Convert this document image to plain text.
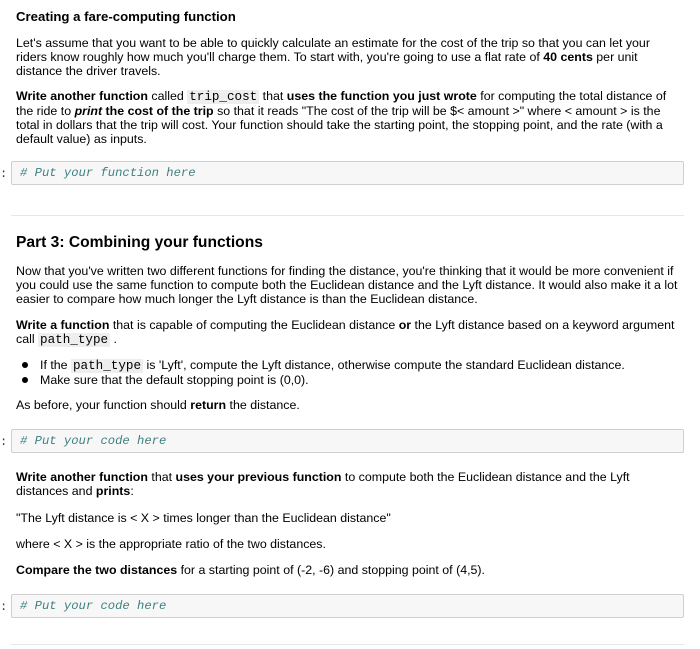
Creating a fare-computing function

Let's assume that you want to be able to quickly calculate an estimate for the cost of the trip so that you can let your riders know roughly how much you'll charge them. To start with, you're going to use a flat rate of 40 cents per unit distance the driver travels.

Write another function called trip_cost that uses the function you just wrote for computing the total distance of the ride to print the cost of the trip so that it reads "The cost of the trip will be $< amount >" where < amount > is the total in dollars that the trip will cost. Your function should take the starting point, the stopping point, and the rate (with a default value) as inputs.

: # Put your function here
Part 3: Combining your functions

Now that you've written two different functions for finding the distance, you're thinking that it would be more convenient if you could use the same function to compute both the Euclidean distance and the Lyft distance. It would also make it a lot easier to compare how much longer the Lyft distance is than the Euclidean distance.

Write a function that is capable of computing the Euclidean distance or the Lyft distance based on a keyword argument call path_type .

If the path_type is 'Lyft', compute the Lyft distance, otherwise compute the standard Euclidean distance.
Make sure that the default stopping point is (0,0).

As before, your function should return the distance.

: # Put your code here

Write another function that uses your previous function to compute both the Euclidean distance and the Lyft distances and prints:

"The Lyft distance is < X > times longer than the Euclidean distance"

where < X > is the appropriate ratio of the two distances.

Compare the two distances for a starting point of (-2, -6) and stopping point of (4,5).

: # Put your code here
